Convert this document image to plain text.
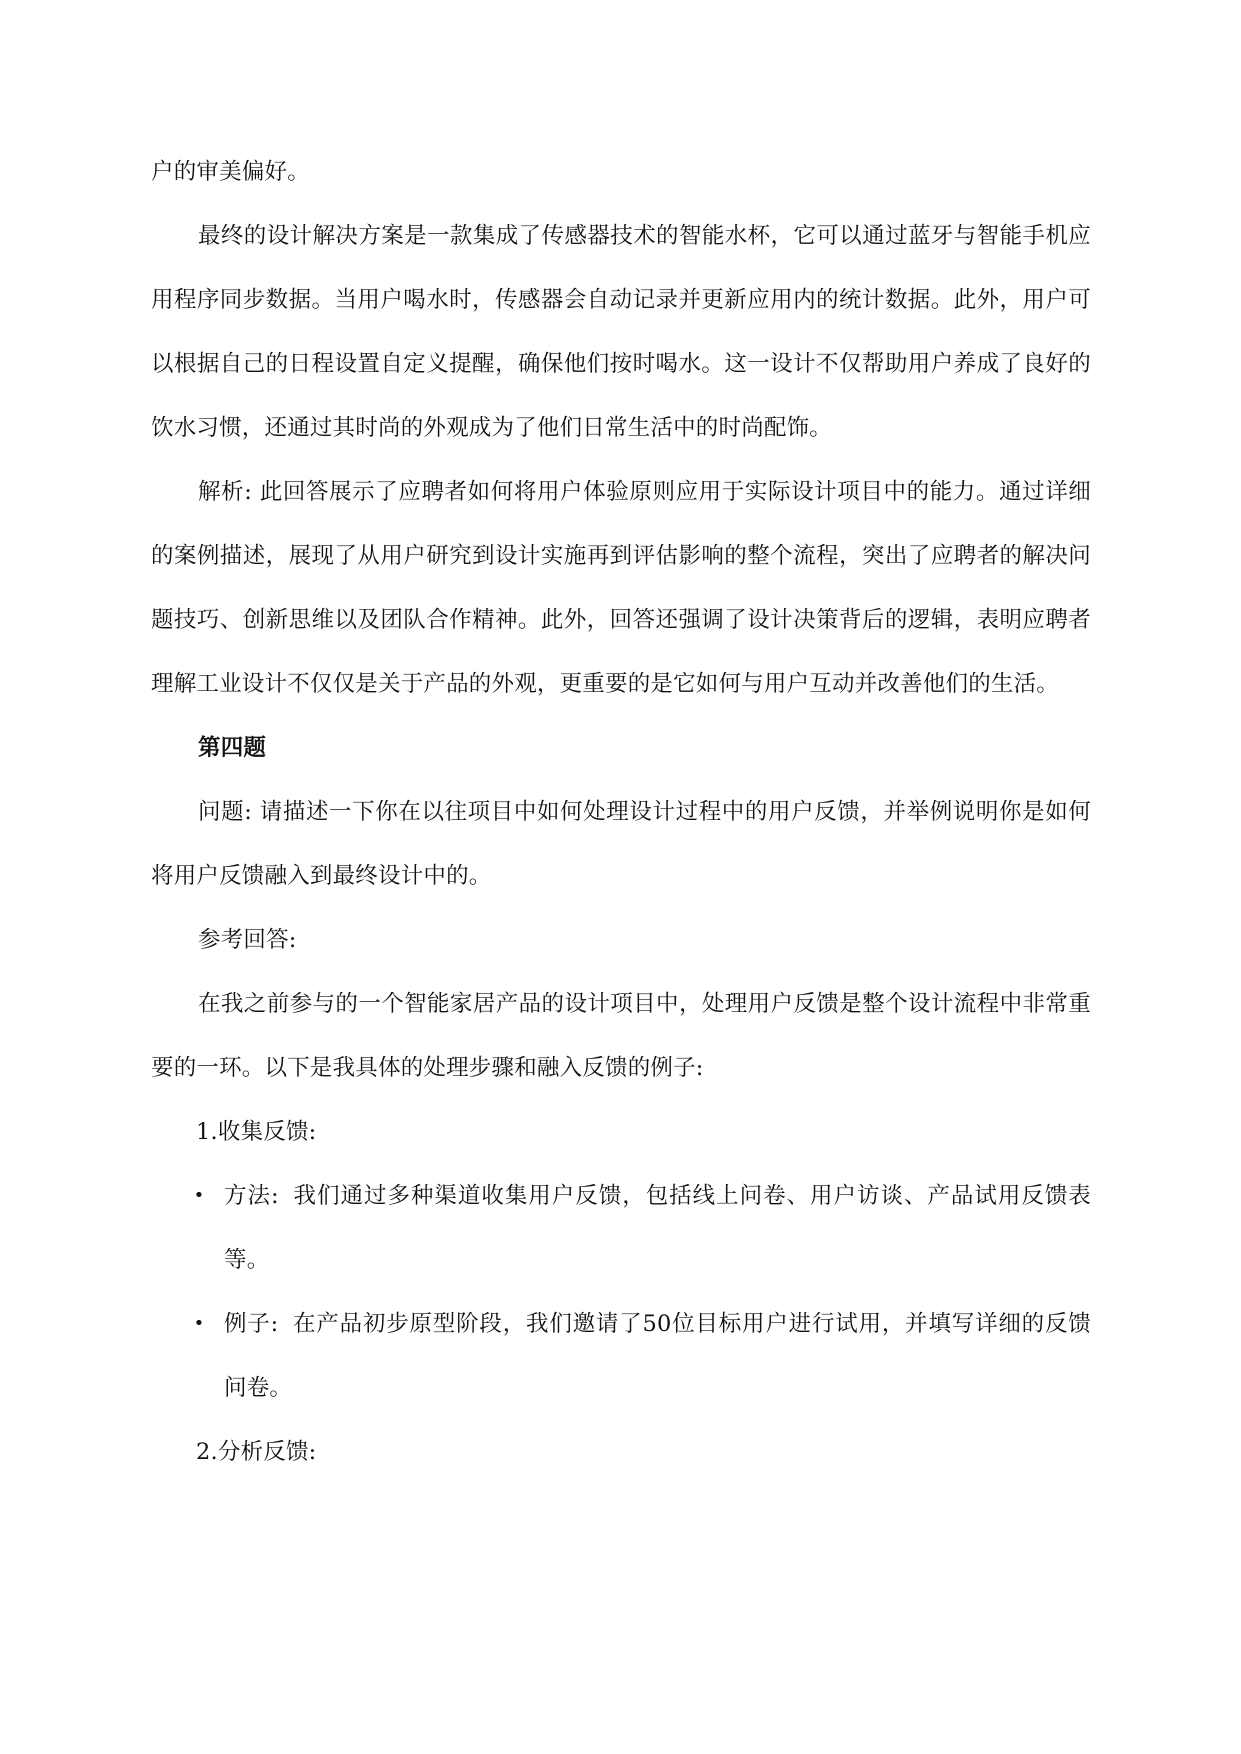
户的审美偏好。

最终的设计解决方案是一款集成了传感器技术的智能水杯，它可以通过蓝牙与智能手机应用程序同步数据。当用户喝水时，传感器会自动记录并更新应用内的统计数据。此外，用户可以根据自己的日程设置自定义提醒，确保他们按时喝水。这一设计不仅帮助用户养成了良好的饮水习惯，还通过其时尚的外观成为了他们日常生活中的时尚配饰。

解析: 此回答展示了应聘者如何将用户体验原则应用于实际设计项目中的能力。通过详细的案例描述，展现了从用户研究到设计实施再到评估影响的整个流程，突出了应聘者的解决问题技巧、创新思维以及团队合作精神。此外，回答还强调了设计决策背后的逻辑，表明应聘者理解工业设计不仅仅是关于产品的外观，更重要的是它如何与用户互动并改善他们的生活。

第四题

问题: 请描述一下你在以往项目中如何处理设计过程中的用户反馈，并举例说明你是如何将用户反馈融入到最终设计中的。

参考回答:

在我之前参与的一个智能家居产品的设计项目中，处理用户反馈是整个设计流程中非常重要的一环。以下是我具体的处理步骤和融入反馈的例子:

1.收集反馈:

• 方法: 我们通过多种渠道收集用户反馈，包括线上问卷、用户访谈、产品试用反馈表等。

• 例子: 在产品初步原型阶段，我们邀请了50位目标用户进行试用，并填写详细的反馈问卷。

2.分析反馈:
